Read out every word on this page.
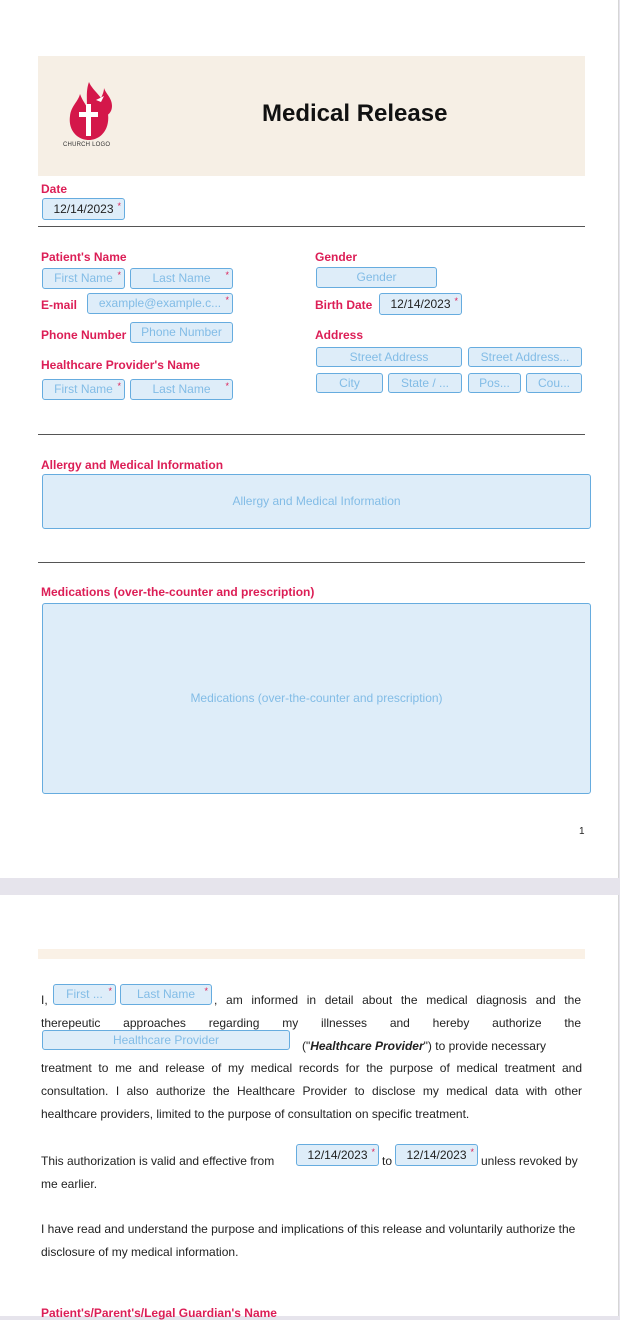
CHURCH LOGO
Medical Release
Date
12/14/2023 *
Patient's Name
First Name *	Last Name *
Gender
Gender
E-mail	example@example.c... *	Birth Date	12/14/2023 *
Phone Number	Phone Number	Address
Street Address	Street Address...
City	State / ...	Pos...	Cou...
Healthcare Provider's Name
First Name *	Last Name *
Allergy and Medical Information
Allergy and Medical Information
Medications (over-the-counter and prescription)
Medications (over-the-counter and prescription)
1
I,	First ... *	Last Name *	, am informed in detail about the medical diagnosis and the
therepeutic approaches regarding my illnesses and hereby authorize the
Healthcare Provider	("Healthcare Provider") to provide necessary
treatment to me and release of my medical records for the purpose of medical treatment and consultation. I also authorize the Healthcare Provider to disclose my medical data with other healthcare providers, limited to the purpose of consultation on specific treatment.
This authorization is valid and effective from	12/14/2023 *	to	12/14/2023 *	unless revoked by
me earlier.
I have read and understand the purpose and implications of this release and voluntarily authorize the disclosure of my medical information.
Patient's/Parent's/Legal Guardian's Name
